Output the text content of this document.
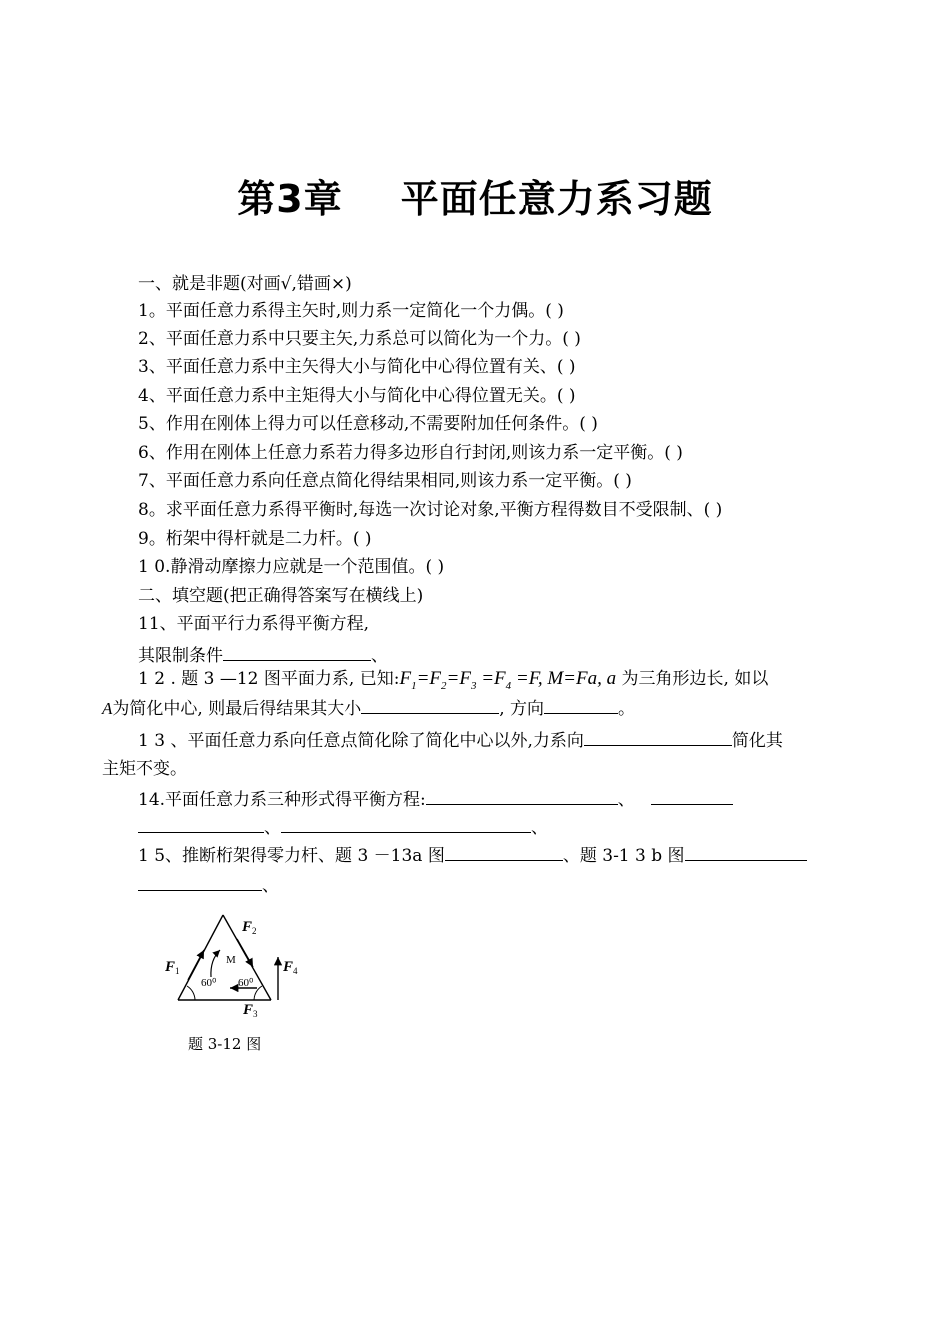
第3章 平面任意力系习题
一、就是非题(对画√,错画×)
1。平面任意力系得主矢时,则力系一定简化一个力偶。( )
2、平面任意力系中只要主矢,力系总可以简化为一个力。( )
3、平面任意力系中主矢得大小与简化中心得位置有关、( )
4、平面任意力系中主矩得大小与简化中心得位置无关。( )
5、作用在刚体上得力可以任意移动,不需要附加任何条件。( )
6、作用在刚体上任意力系若力得多边形自行封闭,则该力系一定平衡。( )
7、平面任意力系向任意点简化得结果相同,则该力系一定平衡。( )
8。求平面任意力系得平衡时,每选一次讨论对象,平衡方程得数目不受限制、( )
9。桁架中得杆就是二力杆。( )
1 0.静滑动摩擦力应就是一个范围值。( )
二、填空题(把正确得答案写在横线上)
11、平面平行力系得平衡方程,
其限制条件	、
1 2 . 题 3 —12 图平面力系, 已知$:F_1=F_2=F_3 =F_4 =F$, M=Fa, a 为三角形边长, 如以
A为简化中心, 则最后得结果其大小	, 方向	。
1 3 、平面任意力系向任意点简化除了简化中心以外,力系向	简化其
主矩不变。
14.平面任意力系三种形式得平衡方程:	、
、	、
1 5、推断桁架得零力杆、题 3 －13a 图	、题 3-1 3 b 图
、
$F_1$
$F_2$
$F_3$
$F_4$
M
60⁰ 60⁰
题 3-12 图
